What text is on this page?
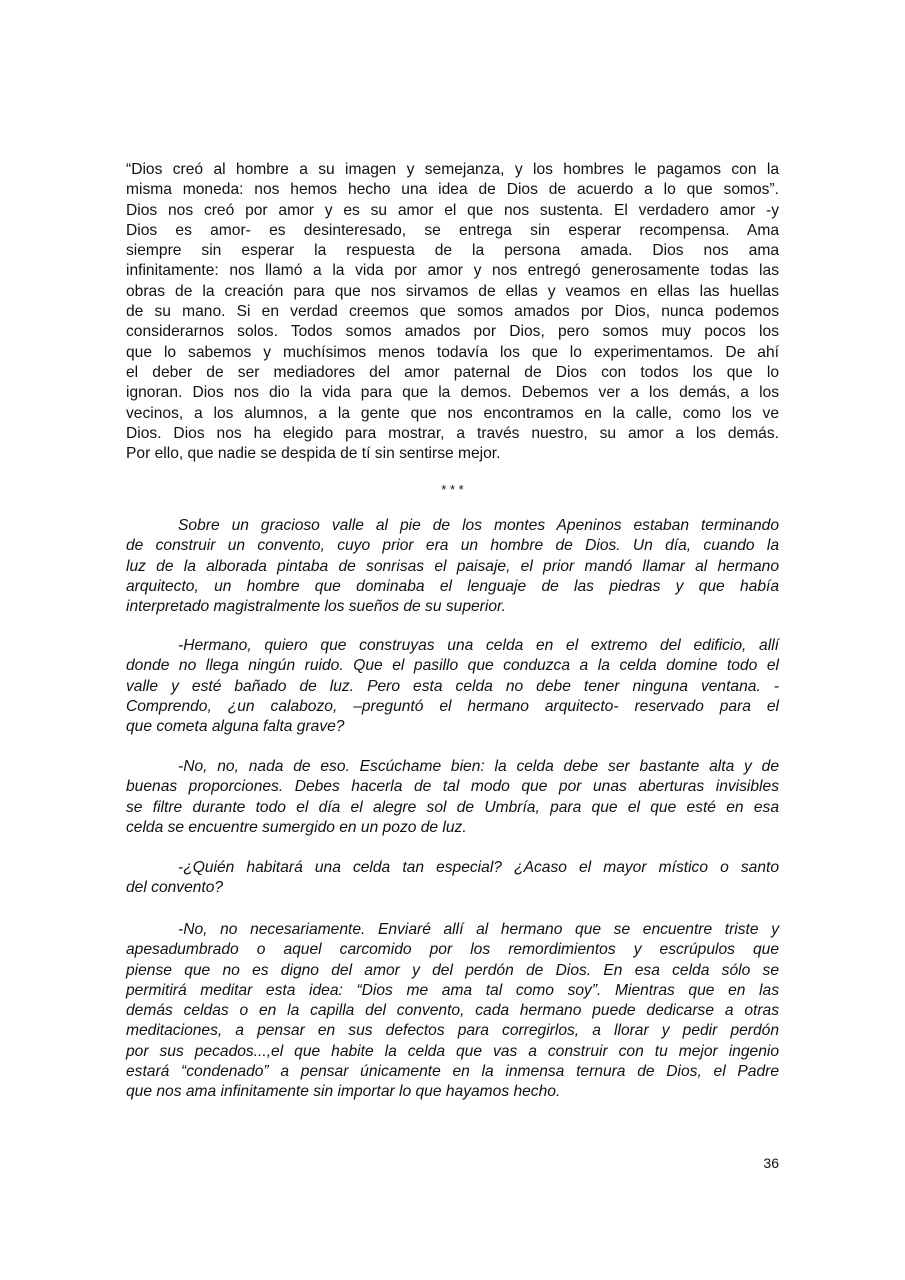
“Dios creó al hombre a su imagen y semejanza, y los hombres le pagamos con la
misma moneda: nos hemos hecho una idea de Dios de acuerdo a lo que somos”.
Dios nos creó por amor y es su amor el que nos sustenta. El verdadero amor -y
Dios es amor- es desinteresado, se entrega sin esperar recompensa. Ama
siempre sin esperar la respuesta de la persona amada. Dios nos ama
infinitamente: nos llamó a la vida por amor y nos entregó generosamente todas las
obras de la creación para que nos sirvamos de ellas y veamos en ellas las huellas
de su mano. Si en verdad creemos que somos amados por Dios, nunca podemos
considerarnos solos. Todos somos amados por Dios, pero somos muy pocos los
que lo sabemos y muchísimos menos todavía los que lo experimentamos. De ahí
el deber de ser mediadores del amor paternal de Dios con todos los que lo
ignoran. Dios nos dio la vida para que la demos. Debemos ver a los demás, a los
vecinos, a los alumnos, a la gente que nos encontramos en la calle, como los ve
Dios. Dios nos ha elegido para mostrar, a través nuestro, su amor a los demás.
Por ello, que nadie se despida de tí sin sentirse mejor.
* * *
Sobre un gracioso valle al pie de los montes Apeninos estaban terminando
de construir un convento, cuyo prior era un hombre de Dios. Un día, cuando la
luz de la alborada pintaba de sonrisas el paisaje, el prior mandó llamar al hermano
arquitecto, un hombre que dominaba el lenguaje de las piedras y que había
interpretado magistralmente los sueños de su superior.
-Hermano, quiero que construyas una celda en el extremo del edificio, allí
donde no llega ningún ruido. Que el pasillo que conduzca a la celda domine todo el
valle y esté bañado de luz. Pero esta celda no debe tener ninguna ventana. -
Comprendo, ¿un calabozo, –preguntó el hermano arquitecto- reservado para el
que cometa alguna falta grave?
-No, no, nada de eso. Escúchame bien: la celda debe ser bastante alta y de
buenas proporciones. Debes hacerla de tal modo que por unas aberturas invisibles
se filtre durante todo el día el alegre sol de Umbría, para que el que esté en esa
celda se encuentre sumergido en un pozo de luz.
-¿Quién habitará una celda tan especial? ¿Acaso el mayor místico o santo
del convento?
-No, no necesariamente. Enviaré allí al hermano que se encuentre triste y
apesadumbrado o aquel carcomido por los remordimientos y escrúpulos que
piense que no es digno del amor y del perdón de Dios. En esa celda sólo se
permitirá meditar esta idea: “Dios me ama tal como soy”. Mientras que en las
demás celdas o en la capilla del convento, cada hermano puede dedicarse a otras
meditaciones, a pensar en sus defectos para corregirlos, a llorar y pedir perdón
por sus pecados...,el que habite la celda que vas a construir con tu mejor ingenio
estará “condenado” a pensar únicamente en la inmensa ternura de Dios, el Padre
que nos ama infinitamente sin importar lo que hayamos hecho.
36
